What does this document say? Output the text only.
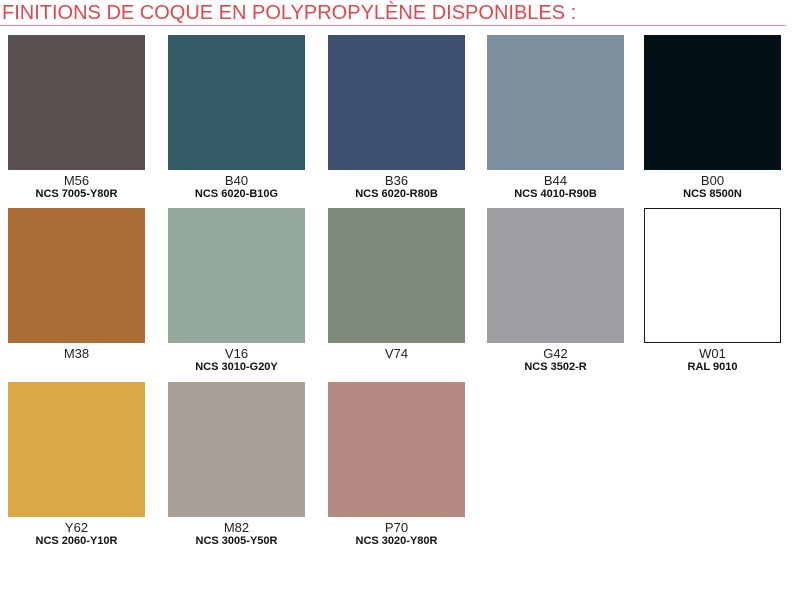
FINITIONS DE COQUE EN POLYPROPYLÈNE DISPONIBLES :
M56
NCS 7005-Y80R
B40
NCS 6020-B10G
B36
NCS 6020-R80B
B44
NCS 4010-R90B
B00
NCS 8500N
M38	V16
NCS 3010-G20Y
V74	G42
NCS 3502-R
W01
RAL 9010
Y62
NCS 2060-Y10R
M82
NCS 3005-Y50R
P70
NCS 3020-Y80R
